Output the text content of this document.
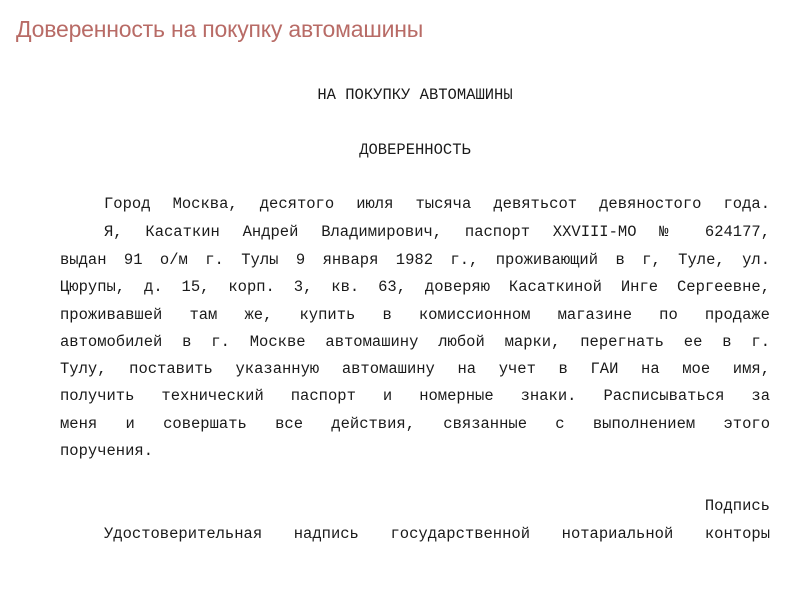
Доверенность на покупку автомашины
НА ПОКУПКУ АВТОМАШИНЫ
ДОВЕРЕННОСТЬ
Город Москва, десятого июля тысяча девятьсот девяностого года.
Я, Касаткин Андрей Владимирович, паспорт XXVIII-МО № 624177,
выдан 91 о/м г. Тулы 9 января 1982 г., проживающий в г, Туле, ул.
Цюрупы, д. 15, корп. 3, кв. 63, доверяю Касаткиной Инге Сергеевне,
проживавшей там же, купить в комиссионном магазине по продаже
автомобилей в г. Москве автомашину любой марки, перегнать ее в г.
Тулу, поставить указанную автомашину на учет в ГАИ на мое имя,
получить технический паспорт и номерные знаки. Расписываться за
меня и совершать все действия, связанные с выполнением этого
поручения.
Подпись
Удостоверительная надпись государственной нотариальной конторы
